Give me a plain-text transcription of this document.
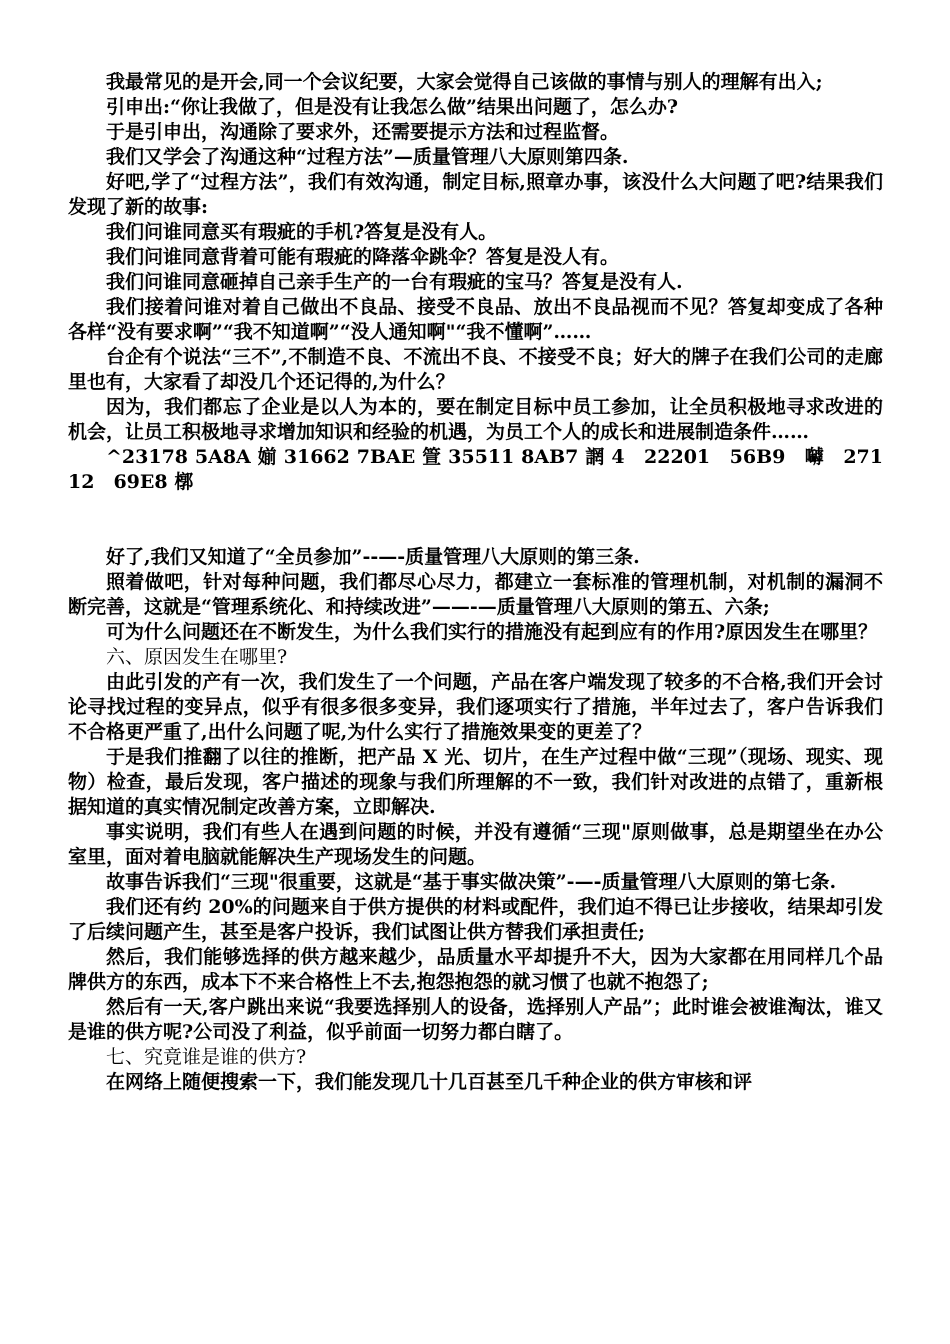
我最常见的是开会,同一个会议纪要，大家会觉得自己该做的事情与别人的理解有出入;

引申出:“你让我做了，但是没有让我怎么做”结果出问题了，怎么办?

于是引申出，沟通除了要求外，还需要提示方法和过程监督。

我们又学会了沟通这种“过程方法”—质量管理八大原则第四条.

好吧,学了“过程方法”，我们有效沟通，制定目标,照章办事，该没什么大问题了吧?结果我们发现了新的故事:

我们问谁同意买有瑕疵的手机?答复是没有人。

我们问谁同意背着可能有瑕疵的降落伞跳伞？答复是没人有。

我们问谁同意砸掉自己亲手生产的一台有瑕疵的宝马？答复是没有人.

我们接着问谁对着自己做出不良品、接受不良品、放出不良品视而不见？答复却变成了各种各样“没有要求啊”“我不知道啊”“没人通知啊"“我不懂啊”……

台企有个说法“三不”,不制造不良、不流出不良、不接受不良；好大的牌子在我们公司的走廊里也有，大家看了却没几个还记得的,为什么？

因为，我们都忘了企业是以人为本的，要在制定目标中员工参加，让全员积极地寻求改进的机会，让员工积极地寻求增加知识和经验的机遇，为员工个人的成长和进展制造条件……

^23178 5A8A 媊 31662 7BAE 箮 35511 8AB7 誷 4　22201　56B9　嚹　27112　69E8 槨

好了,我们又知道了“全员参加”--—-质量管理八大原则的第三条.

照着做吧，针对每种问题，我们都尽心尽力，都建立一套标准的管理机制，对机制的漏洞不断完善，这就是“管理系统化、和持续改进”——-—质量管理八大原则的第五、六条;

可为什么问题还在不断发生，为什么我们实行的措施没有起到应有的作用?原因发生在哪里？

六、原因发生在哪里?

由此引发的产有一次，我们发生了一个问题，产品在客户端发现了较多的不合格,我们开会讨论寻找过程的变异点，似乎有很多很多变异，我们逐项实行了措施，半年过去了，客户告诉我们不合格更严重了,出什么问题了呢,为什么实行了措施效果变的更差了？

于是我们推翻了以往的推断，把产品 X 光、切片，在生产过程中做“三现”（现场、现实、现物）检查，最后发现，客户描述的现象与我们所理解的不一致，我们针对改进的点错了，重新根据知道的真实情况制定改善方案，立即解决.

事实说明，我们有些人在遇到问题的时候，并没有遵循“三现"原则做事，总是期望坐在办公室里，面对着电脑就能解决生产现场发生的问题。

故事告诉我们“三现"很重要，这就是“基于事实做决策”-—-质量管理八大原则的第七条.

我们还有约 20%的问题来自于供方提供的材料或配件，我们迫不得已让步接收，结果却引发了后续问题产生，甚至是客户投诉，我们试图让供方替我们承担责任;

然后，我们能够选择的供方越来越少，品质量水平却提升不大，因为大家都在用同样几个品牌供方的东西，成本下不来合格性上不去,抱怨抱怨的就习惯了也就不抱怨了;

然后有一天,客户跳出来说“我要选择别人的设备，选择别人产品”；此时谁会被谁淘汰，谁又是谁的供方呢?公司没了利益，似乎前面一切努力都白瞎了。

七、究竟谁是谁的供方?

在网络上随便搜索一下，我们能发现几十几百甚至几千种企业的供方审核和评
